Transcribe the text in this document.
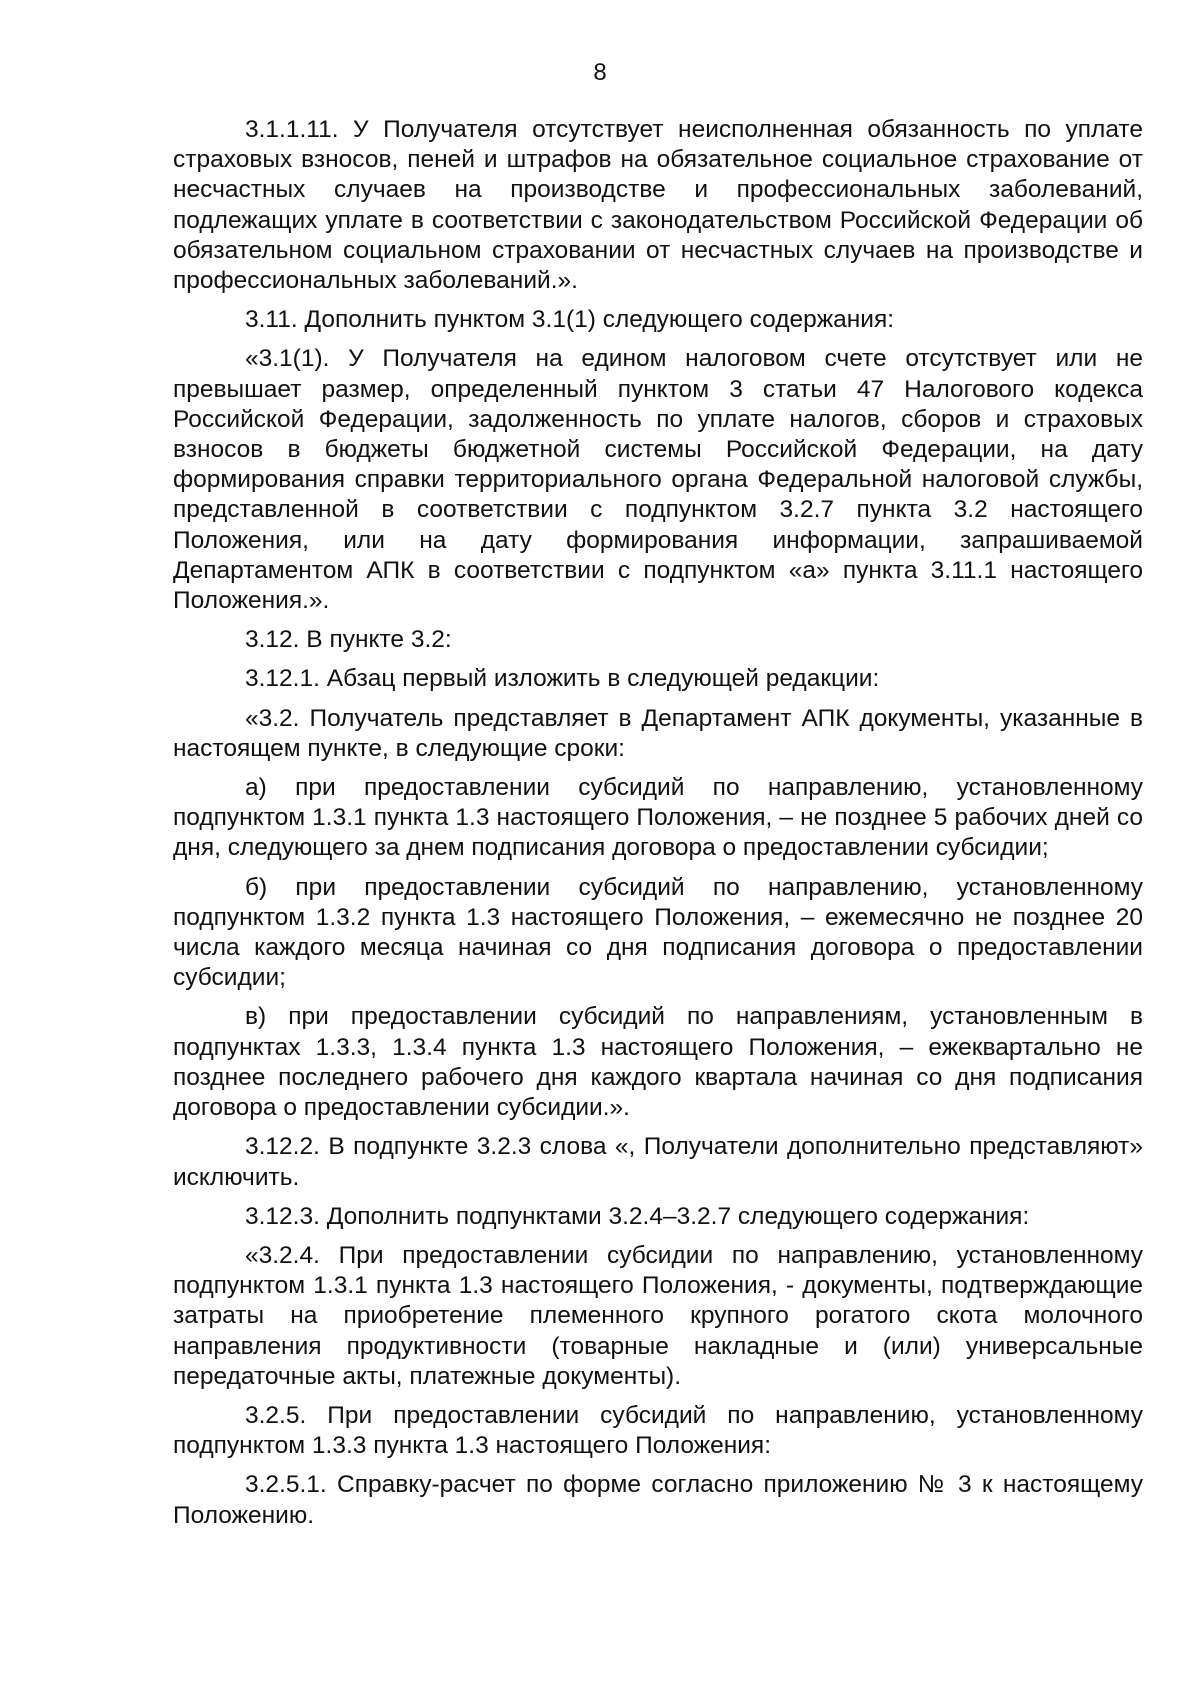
8

3.1.1.11. У Получателя отсутствует неисполненная обязанность по уплате страховых взносов, пеней и штрафов на обязательное социальное страхование от несчастных случаев на производстве и профессиональных заболеваний, подлежащих уплате в соответствии с законодательством Российской Федерации об обязательном социальном страховании от несчастных случаев на производстве и профессиональных заболеваний.».

3.11. Дополнить пунктом 3.1(1) следующего содержания:

«3.1(1). У Получателя на едином налоговом счете отсутствует или не превышает размер, определенный пунктом 3 статьи 47 Налогового кодекса Российской Федерации, задолженность по уплате налогов, сборов и страховых взносов в бюджеты бюджетной системы Российской Федерации, на дату формирования справки территориального органа Федеральной налоговой службы, представленной в соответствии с подпунктом 3.2.7 пункта 3.2 настоящего Положения, или на дату формирования информации, запрашиваемой Департаментом АПК в соответствии с подпунктом «а» пункта 3.11.1 настоящего Положения.».

3.12. В пункте 3.2:

3.12.1. Абзац первый изложить в следующей редакции:

«3.2. Получатель представляет в Департамент АПК документы, указанные в настоящем пункте, в следующие сроки:

а) при предоставлении субсидий по направлению, установленному подпунктом 1.3.1 пункта 1.3 настоящего Положения, – не позднее 5 рабочих дней со дня, следующего за днем подписания договора о предоставлении субсидии;

б) при предоставлении субсидий по направлению, установленному подпунктом 1.3.2 пункта 1.3 настоящего Положения, – ежемесячно не позднее 20 числа каждого месяца начиная со дня подписания договора о предоставлении субсидии;

в) при предоставлении субсидий по направлениям, установленным в подпунктах 1.3.3, 1.3.4 пункта 1.3 настоящего Положения, – ежеквартально не позднее последнего рабочего дня каждого квартала начиная со дня подписания договора о предоставлении субсидии.».

3.12.2. В подпункте 3.2.3 слова «, Получатели дополнительно представляют» исключить.

3.12.3. Дополнить подпунктами 3.2.4–3.2.7 следующего содержания:

«3.2.4. При предоставлении субсидии по направлению, установленному подпунктом 1.3.1 пункта 1.3 настоящего Положения, - документы, подтверждающие затраты на приобретение племенного крупного рогатого скота молочного направления продуктивности (товарные накладные и (или) универсальные передаточные акты, платежные документы).

3.2.5. При предоставлении субсидий по направлению, установленному подпунктом 1.3.3 пункта 1.3 настоящего Положения:

3.2.5.1. Справку-расчет по форме согласно приложению № 3 к настоящему Положению.
